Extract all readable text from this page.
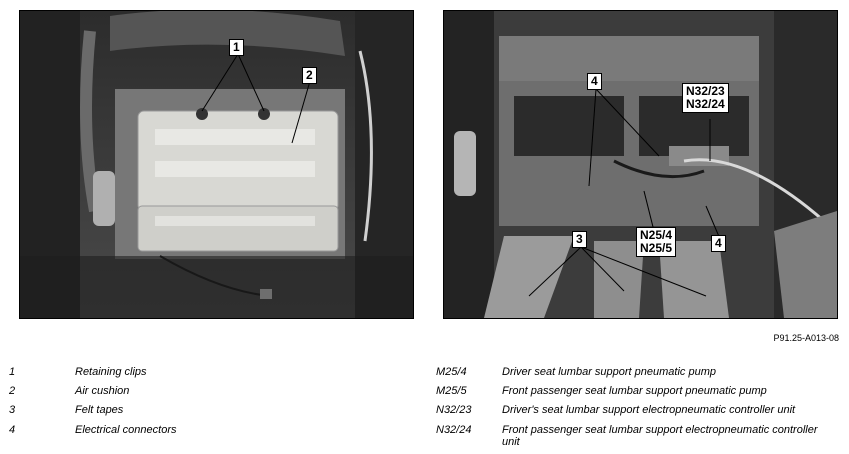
1
2	4
N32/23
N32/24
N25/4
N25/5
3	4
P91.25-A013-08
1	Retaining clips
2	Air cushion
3	Felt tapes
4	Electrical connectors
M25/4	Driver seat lumbar support pneumatic pump
M25/5	Front passenger seat lumbar support pneumatic pump
N32/23	Driver's seat lumbar support electropneumatic controller unit
N32/24	Front passenger seat lumbar support electropneumatic controller unit
